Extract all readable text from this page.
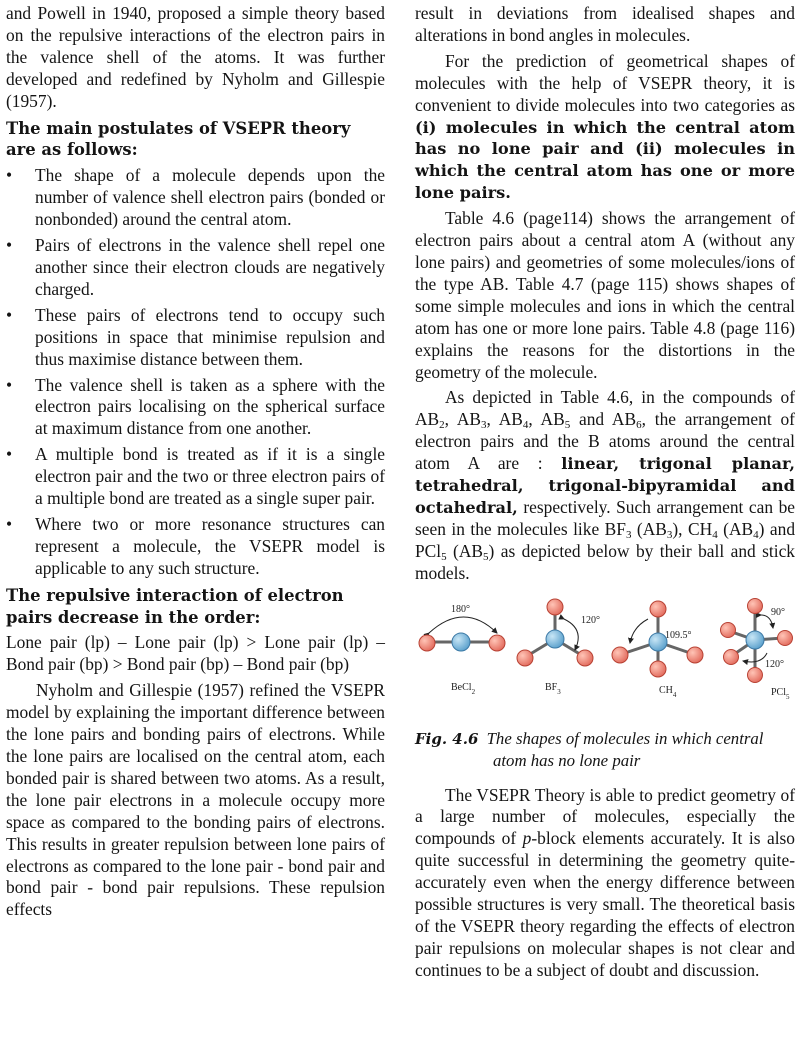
and Powell in 1940, proposed a simple theory based on the repulsive interactions of the electron pairs in the valence shell of the atoms. It was further developed and redefined by Nyholm and Gillespie (1957).

The main postulates of VSEPR theory are as follows:
• The shape of a molecule depends upon the number of valence shell electron pairs (bonded or nonbonded) around the central atom.
• Pairs of electrons in the valence shell repel one another since their electron clouds are negatively charged.
• These pairs of electrons tend to occupy such positions in space that minimise repulsion and thus maximise distance between them.
• The valence shell is taken as a sphere with the electron pairs localising on the spherical surface at maximum distance from one another.
• A multiple bond is treated as if it is a single electron pair and the two or three electron pairs of a multiple bond are treated as a single super pair.
• Where two or more resonance structures can represent a molecule, the VSEPR model is applicable to any such structure.
The repulsive interaction of electron pairs decrease in the order:

Lone pair (lp) – Lone pair (lp) > Lone pair (lp) – Bond pair (bp) > Bond pair (bp) – Bond pair (bp)

Nyholm and Gillespie (1957) refined the VSEPR model by explaining the important difference between the lone pairs and bonding pairs of electrons. While the lone pairs are localised on the central atom, each bonded pair is shared between two atoms. As a result, the lone pair electrons in a molecule occupy more space as compared to the bonding pairs of electrons. This results in greater repulsion between lone pairs of electrons as compared to the lone pair - bond pair and bond pair - bond pair repulsions. These repulsion effects

result in deviations from idealised shapes and alterations in bond angles in molecules.

For the prediction of geometrical shapes of molecules with the help of VSEPR theory, it is convenient to divide molecules into two categories as (i) molecules in which the central atom has no lone pair and (ii) molecules in which the central atom has one or more lone pairs.

Table 4.6 (page114) shows the arrangement of electron pairs about a central atom A (without any lone pairs) and geometries of some molecules/ions of the type AB. Table 4.7 (page 115) shows shapes of some simple molecules and ions in which the central atom has one or more lone pairs. Table 4.8 (page 116) explains the reasons for the distortions in the geometry of the molecule.

As depicted in Table 4.6, in the compounds of $AB_2$, $AB_3$, $AB_4$, $AB_5$ and $AB_6$, the arrangement of electron pairs and the B atoms around the central atom A are : linear, trigonal planar, tetrahedral, trigonal-bipyramidal and octahedral, respectively. Such arrangement can be seen in the molecules like $BF_3$ $(AB_3)$, $CH_4$ $(AB_4)$ and PCl$_5$ $(AB_5)$ as depicted below by their ball and stick models.

180°
BeCl$_2$
120°
$BF_3$
109.5°
$CH_4$
90°
120°
PCl$_5$

Fig. 4.6 The shapes of molecules in which central atom has no lone pair

The VSEPR Theory is able to predict geometry of a large number of molecules, especially the compounds of p-block elements accurately. It is also quite successful in determining the geometry quite-accurately even when the energy difference between possible structures is very small. The theoretical basis of the VSEPR theory regarding the effects of electron pair repulsions on molecular shapes is not clear and continues to be a subject of doubt and discussion.
